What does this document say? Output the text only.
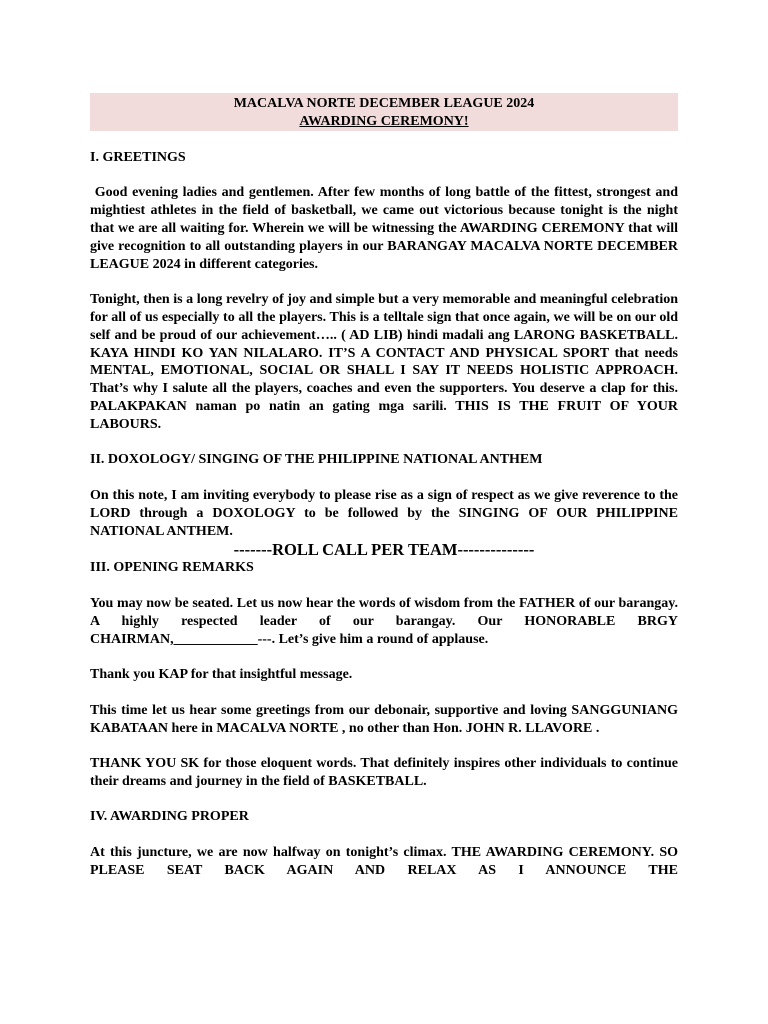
MACALVA NORTE DECEMBER LEAGUE 2024
AWARDING CEREMONY!

I. GREETINGS

Good evening ladies and gentlemen. After few months of long battle of the fittest, strongest and mightiest athletes in the field of basketball, we came out victorious because tonight is the night that we are all waiting for. Wherein we will be witnessing the AWARDING CEREMONY that will give recognition to all outstanding players in our BARANGAY MACALVA NORTE DECEMBER LEAGUE 2024 in different categories.

Tonight, then is a long revelry of joy and simple but a very memorable and meaningful celebration for all of us especially to all the players. This is a telltale sign that once again, we will be on our old self and be proud of our achievement….. ( AD LIB) hindi madali ang LARONG BASKETBALL. KAYA HINDI KO YAN NILALARO. IT’S A CONTACT AND PHYSICAL SPORT that needs MENTAL, EMOTIONAL, SOCIAL OR SHALL I SAY IT NEEDS HOLISTIC APPROACH. That’s why I salute all the players, coaches and even the supporters. You deserve a clap for this. PALAKPAKAN naman po natin an gating mga sarili. THIS IS THE FRUIT OF YOUR LABOURS.

II. DOXOLOGY/ SINGING OF THE PHILIPPINE NATIONAL ANTHEM

On this note, I am inviting everybody to please rise as a sign of respect as we give reverence to the LORD through a DOXOLOGY to be followed by the SINGING OF OUR PHILIPPINE NATIONAL ANTHEM.

-------ROLL CALL PER TEAM--------------

III. OPENING REMARKS

You may now be seated. Let us now hear the words of wisdom from the FATHER of our barangay. A highly respected leader of our barangay. Our HONORABLE BRGY CHAIRMAN,____________---. Let’s give him a round of applause.

Thank you KAP for that insightful message.

This time let us hear some greetings from our debonair, supportive and loving SANGGUNIANG KABATAAN here in MACALVA NORTE , no other than Hon. JOHN R. LLAVORE .

THANK YOU SK for those eloquent words. That definitely inspires other individuals to continue their dreams and journey in the field of BASKETBALL.

IV. AWARDING PROPER

At this juncture, we are now halfway on tonight’s climax. THE AWARDING CEREMONY. SO PLEASE SEAT BACK AGAIN AND RELAX AS I ANNOUNCE THE
